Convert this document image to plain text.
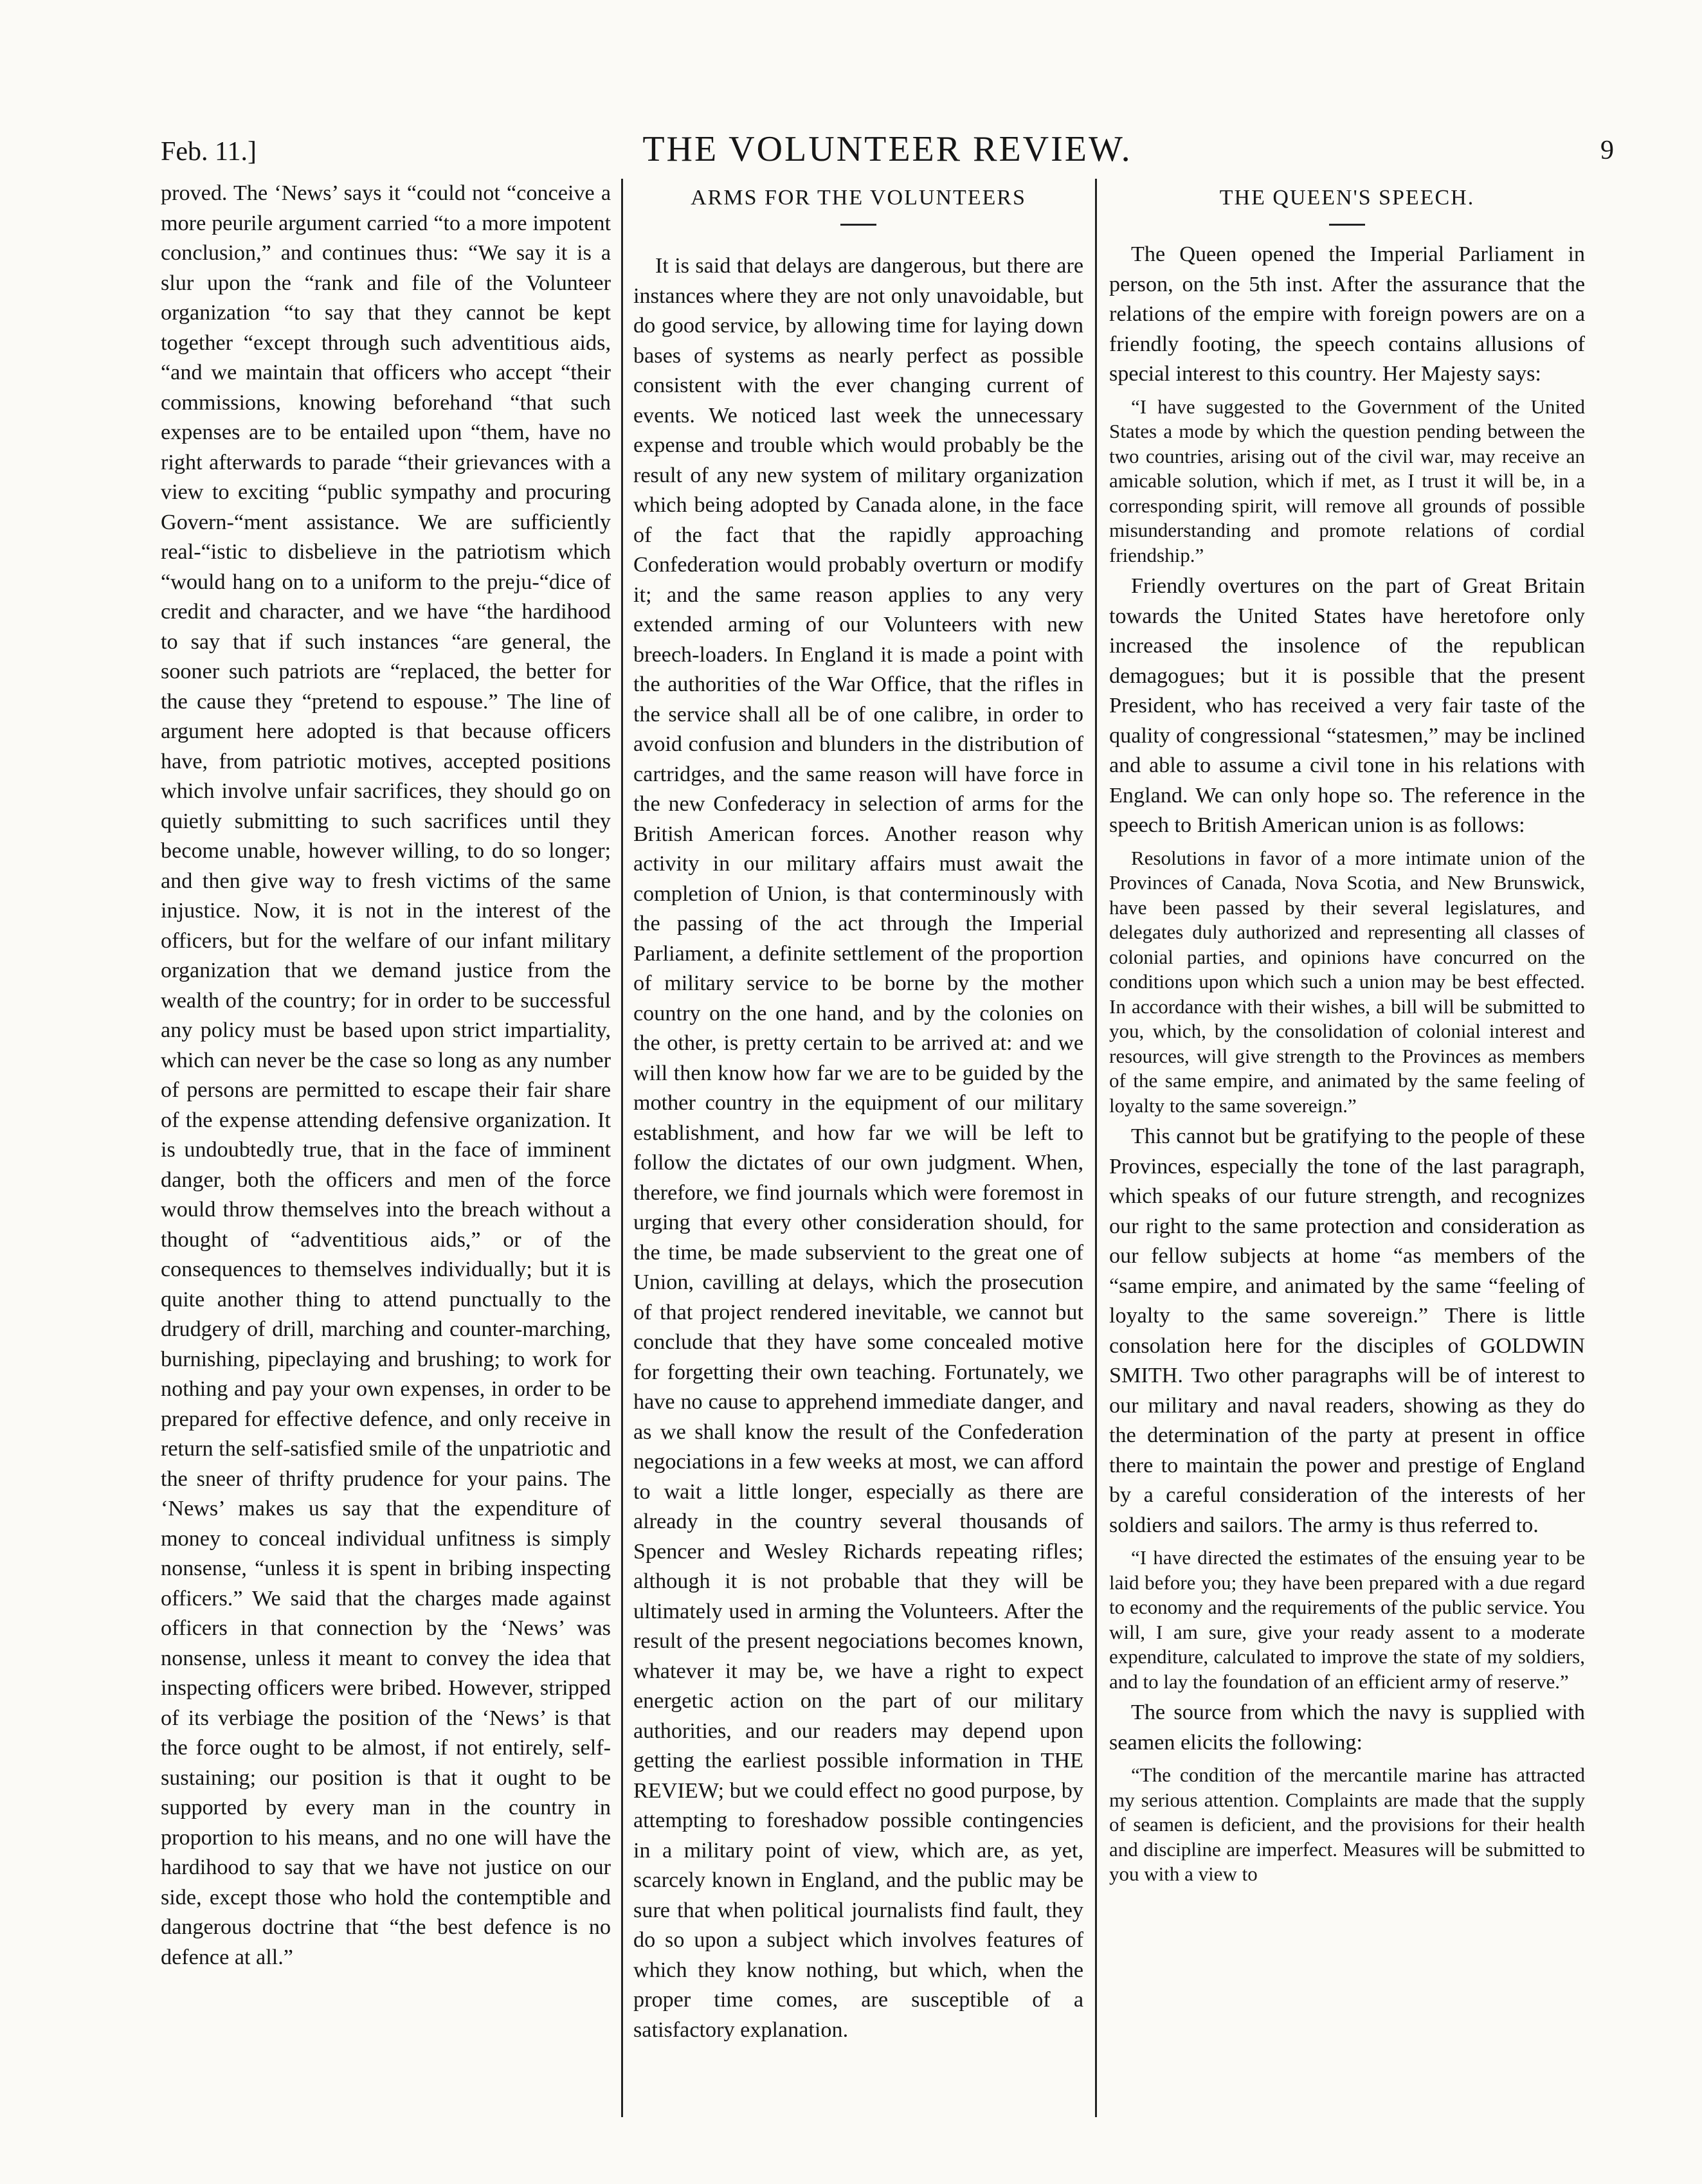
Feb. 11.]	THE VOLUNTEER REVIEW.	9

proved. The ‘News’ says it “could not “conceive a more peurile argument carried “to a more impotent conclusion,” and continues thus: “We say it is a slur upon the “rank and file of the Volunteer organization “to say that they cannot be kept together “except through such adventitious aids, “and we maintain that officers who accept “their commissions, knowing beforehand “that such expenses are to be entailed upon “them, have no right afterwards to parade “their grievances with a view to exciting “public sympathy and procuring Govern-“ment assistance. We are sufficiently real-“istic to disbelieve in the patriotism which “would hang on to a uniform to the preju-“dice of credit and character, and we have “the hardihood to say that if such instances “are general, the sooner such patriots are “replaced, the better for the cause they “pretend to espouse.” The line of argument here adopted is that because officers have, from patriotic motives, accepted positions which involve unfair sacrifices, they should go on quietly submitting to such sacrifices until they become unable, however willing, to do so longer; and then give way to fresh victims of the same injustice. Now, it is not in the interest of the officers, but for the welfare of our infant military organization that we demand justice from the wealth of the country; for in order to be successful any policy must be based upon strict impartiality, which can never be the case so long as any number of persons are permitted to escape their fair share of the expense attending defensive organization. It is undoubtedly true, that in the face of imminent danger, both the officers and men of the force would throw themselves into the breach without a thought of “adventitious aids,” or of the consequences to themselves individually; but it is quite another thing to attend punctually to the drudgery of drill, marching and counter-marching, burnishing, pipeclaying and brushing; to work for nothing and pay your own expenses, in order to be prepared for effective defence, and only receive in return the self-satisfied smile of the unpatriotic and the sneer of thrifty prudence for your pains. The ‘News’ makes us say that the expenditure of money to conceal individual unfitness is simply nonsense, “unless it is spent in bribing inspecting officers.” We said that the charges made against officers in that connection by the ‘News’ was nonsense, unless it meant to convey the idea that inspecting officers were bribed. However, stripped of its verbiage the position of the ‘News’ is that the force ought to be almost, if not entirely, self-sustaining; our position is that it ought to be supported by every man in the country in proportion to his means, and no one will have the hardihood to say that we have not justice on our side, except those who hold the contemptible and dangerous doctrine that “the best defence is no defence at all.”

ARMS FOR THE VOLUNTEERS

It is said that delays are dangerous, but there are instances where they are not only unavoidable, but do good service, by allowing time for laying down bases of systems as nearly perfect as possible consistent with the ever changing current of events. We noticed last week the unnecessary expense and trouble which would probably be the result of any new system of military organization which being adopted by Canada alone, in the face of the fact that the rapidly approaching Confederation would probably overturn or modify it; and the same reason applies to any very extended arming of our Volunteers with new breech-loaders. In England it is made a point with the authorities of the War Office, that the rifles in the service shall all be of one calibre, in order to avoid confusion and blunders in the distribution of cartridges, and the same reason will have force in the new Confederacy in selection of arms for the British American forces. Another reason why activity in our military affairs must await the completion of Union, is that conterminously with the passing of the act through the Imperial Parliament, a definite settlement of the proportion of military service to be borne by the mother country on the one hand, and by the colonies on the other, is pretty certain to be arrived at: and we will then know how far we are to be guided by the mother country in the equipment of our military establishment, and how far we will be left to follow the dictates of our own judgment. When, therefore, we find journals which were foremost in urging that every other consideration should, for the time, be made subservient to the great one of Union, cavilling at delays, which the prosecution of that project rendered inevitable, we cannot but conclude that they have some concealed motive for forgetting their own teaching. Fortunately, we have no cause to apprehend immediate danger, and as we shall know the result of the Confederation negociations in a few weeks at most, we can afford to wait a little longer, especially as there are already in the country several thousands of Spencer and Wesley Richards repeating rifles; although it is not probable that they will be ultimately used in arming the Volunteers. After the result of the present negociations becomes known, whatever it may be, we have a right to expect energetic action on the part of our military authorities, and our readers may depend upon getting the earliest possible information in THE REVIEW; but we could effect no good purpose, by attempting to foreshadow possible contingencies in a military point of view, which are, as yet, scarcely known in England, and the public may be sure that when political journalists find fault, they do so upon a subject which involves features of which they know nothing, but which, when the proper time comes, are susceptible of a satisfactory explanation.

THE QUEEN'S SPEECH.

The Queen opened the Imperial Parliament in person, on the 5th inst. After the assurance that the relations of the empire with foreign powers are on a friendly footing, the speech contains allusions of special interest to this country. Her Majesty says:

“I have suggested to the Government of the United States a mode by which the question pending between the two countries, arising out of the civil war, may receive an amicable solution, which if met, as I trust it will be, in a corresponding spirit, will remove all grounds of possible misunderstanding and promote relations of cordial friendship.”

Friendly overtures on the part of Great Britain towards the United States have heretofore only increased the insolence of the republican demagogues; but it is possible that the present President, who has received a very fair taste of the quality of congressional “statesmen,” may be inclined and able to assume a civil tone in his relations with England. We can only hope so. The reference in the speech to British American union is as follows:

Resolutions in favor of a more intimate union of the Provinces of Canada, Nova Scotia, and New Brunswick, have been passed by their several legislatures, and delegates duly authorized and representing all classes of colonial parties, and opinions have concurred on the conditions upon which such a union may be best effected. In accordance with their wishes, a bill will be submitted to you, which, by the consolidation of colonial interest and resources, will give strength to the Provinces as members of the same empire, and animated by the same feeling of loyalty to the same sovereign.”

This cannot but be gratifying to the people of these Provinces, especially the tone of the last paragraph, which speaks of our future strength, and recognizes our right to the same protection and consideration as our fellow subjects at home “as members of the “same empire, and animated by the same “feeling of loyalty to the same sovereign.” There is little consolation here for the disciples of GOLDWIN SMITH. Two other paragraphs will be of interest to our military and naval readers, showing as they do the determination of the party at present in office there to maintain the power and prestige of England by a careful consideration of the interests of her soldiers and sailors. The army is thus referred to.

“I have directed the estimates of the ensuing year to be laid before you; they have been prepared with a due regard to economy and the requirements of the public service. You will, I am sure, give your ready assent to a moderate expenditure, calculated to improve the state of my soldiers, and to lay the foundation of an efficient army of reserve.”

The source from which the navy is supplied with seamen elicits the following:

“The condition of the mercantile marine has attracted my serious attention. Complaints are made that the supply of seamen is deficient, and the provisions for their health and discipline are imperfect. Measures will be submitted to you with a view to
